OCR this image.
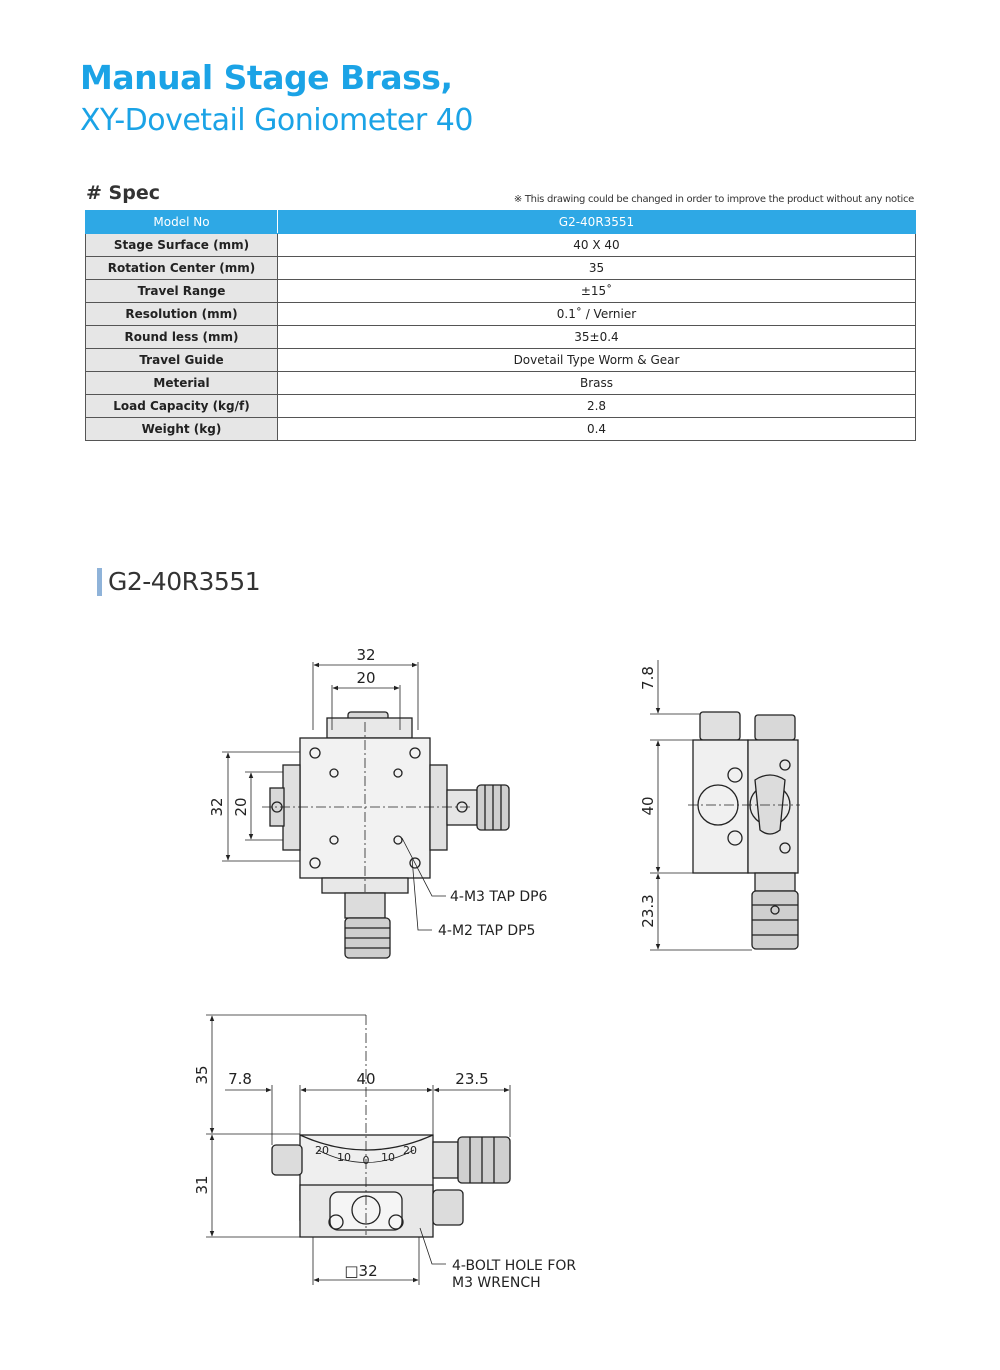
Manual Stage Brass,
XY-Dovetail Goniometer 40
# Spec	※ This drawing could be changed in order to improve the product without any notice
Model No	G2-40R3551
Stage Surface (mm)	40 X 40
Rotation Center (mm)	35
Travel Range	±15˚
Resolution (mm)	0.1˚ / Vernier
Round less (mm)	35±0.4
Travel Guide	Dovetail Type Worm & Gear
Meterial	Brass
Load Capacity (kg/f)	2.8
Weight (kg)	0.4
G2-40R3551
32
20
32 20
4-M3 TAP DP6
4-M2 TAP DP5
7.8
40
23.3
35
31
7.8	40	23.5
□32
20
10 0 10
20
4-BOLT HOLE FOR
M3 WRENCH
